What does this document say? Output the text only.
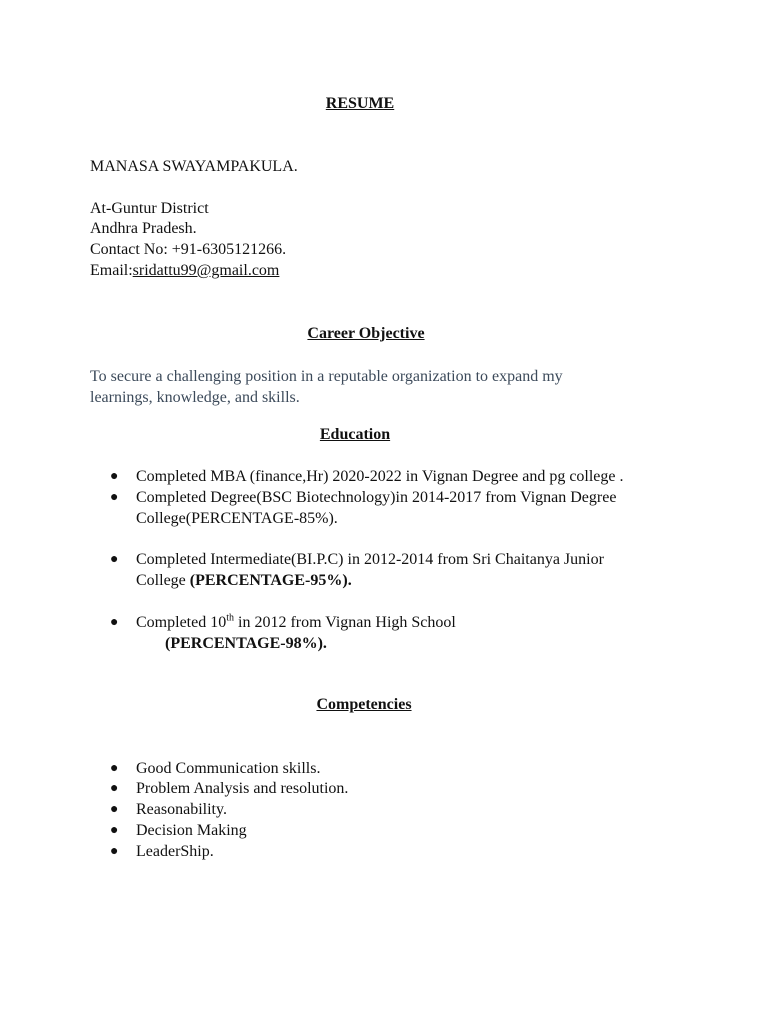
RESUME
MANASA SWAYAMPAKULA.
At-Guntur District
Andhra Pradesh.
Contact No: +91-6305121266.
Email:sridattu99@gmail.com
Career Objective
To secure a challenging position in a reputable organization to expand my
learnings, knowledge, and skills.
Education
● Completed MBA (finance,Hr) 2020-2022 in Vignan Degree and pg college .
● Completed Degree(BSC Biotechnology)in 2014-2017 from Vignan Degree
College(PERCENTAGE-85%).
● Completed Intermediate(BI.P.C) in 2012-2014 from Sri Chaitanya Junior
College (PERCENTAGE-95%).
● Completed 10th in 2012 from Vignan High School
(PERCENTAGE-98%).
Competencies
● Good Communication skills.
● Problem Analysis and resolution.
● Reasonability.
● Decision Making
● LeaderShip.
